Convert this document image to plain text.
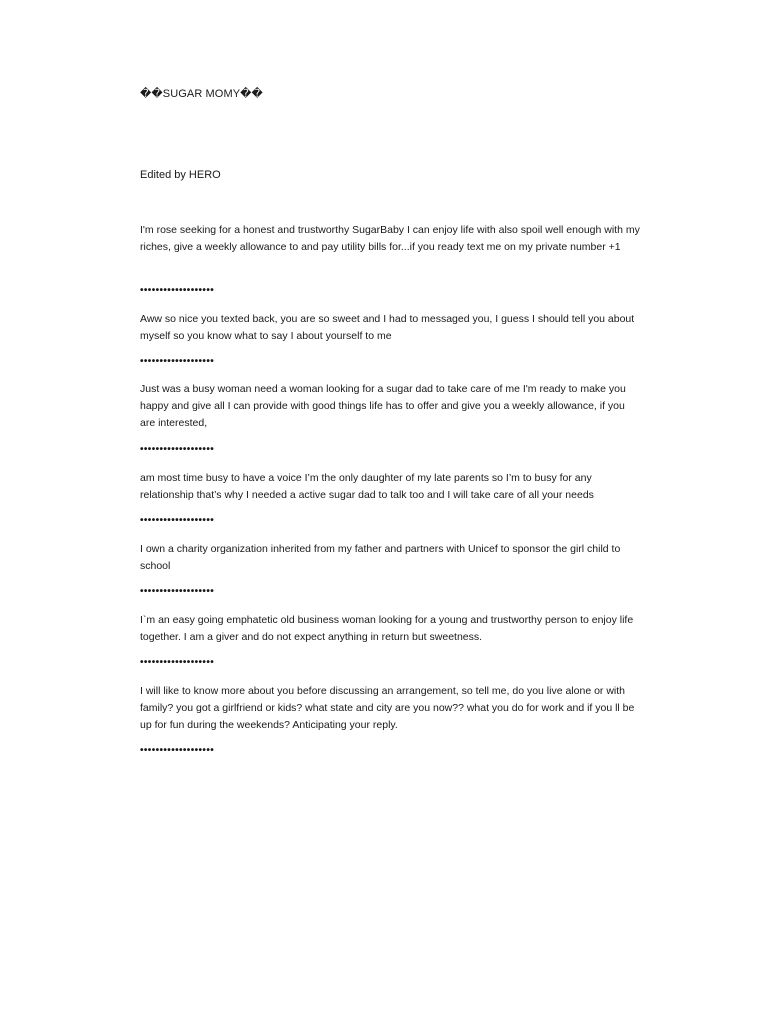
��SUGAR MOMY��
Edited by HERO

I'm rose seeking for a honest and trustworthy SugarBaby I can enjoy life with also spoil well enough with my riches, give a weekly allowance to and pay utility bills for...if you ready text me on my private number +1

•••••••••••••••••••

Aww so nice you texted back, you are so sweet and I had to messaged you, I guess I should tell you about myself so you know what to say I about yourself to me

•••••••••••••••••••

Just was a busy woman need a woman looking for a sugar dad to take care of me I'm ready to make you happy and give all I can provide with good things life has to offer and give you a weekly allowance, if you are interested,

•••••••••••••••••••

am most time busy to have a voice I’m the only daughter of my late parents so I’m to busy for any relationship that’s why I needed a active sugar dad to talk too and I will take care of all your needs

•••••••••••••••••••

I own a charity organization inherited from my father and partners with Unicef to sponsor the girl child to school

•••••••••••••••••••

I`m an easy going emphatetic old business woman looking for a young and trustworthy person to enjoy life together. I am a giver and do not expect anything in return but sweetness.

•••••••••••••••••••

I will like to know more about you before discussing an arrangement, so tell me, do you live alone or with family? you got a girlfriend or kids? what state and city are you now?? what you do for work and if you ll be up for fun during the weekends? Anticipating your reply.

•••••••••••••••••••
